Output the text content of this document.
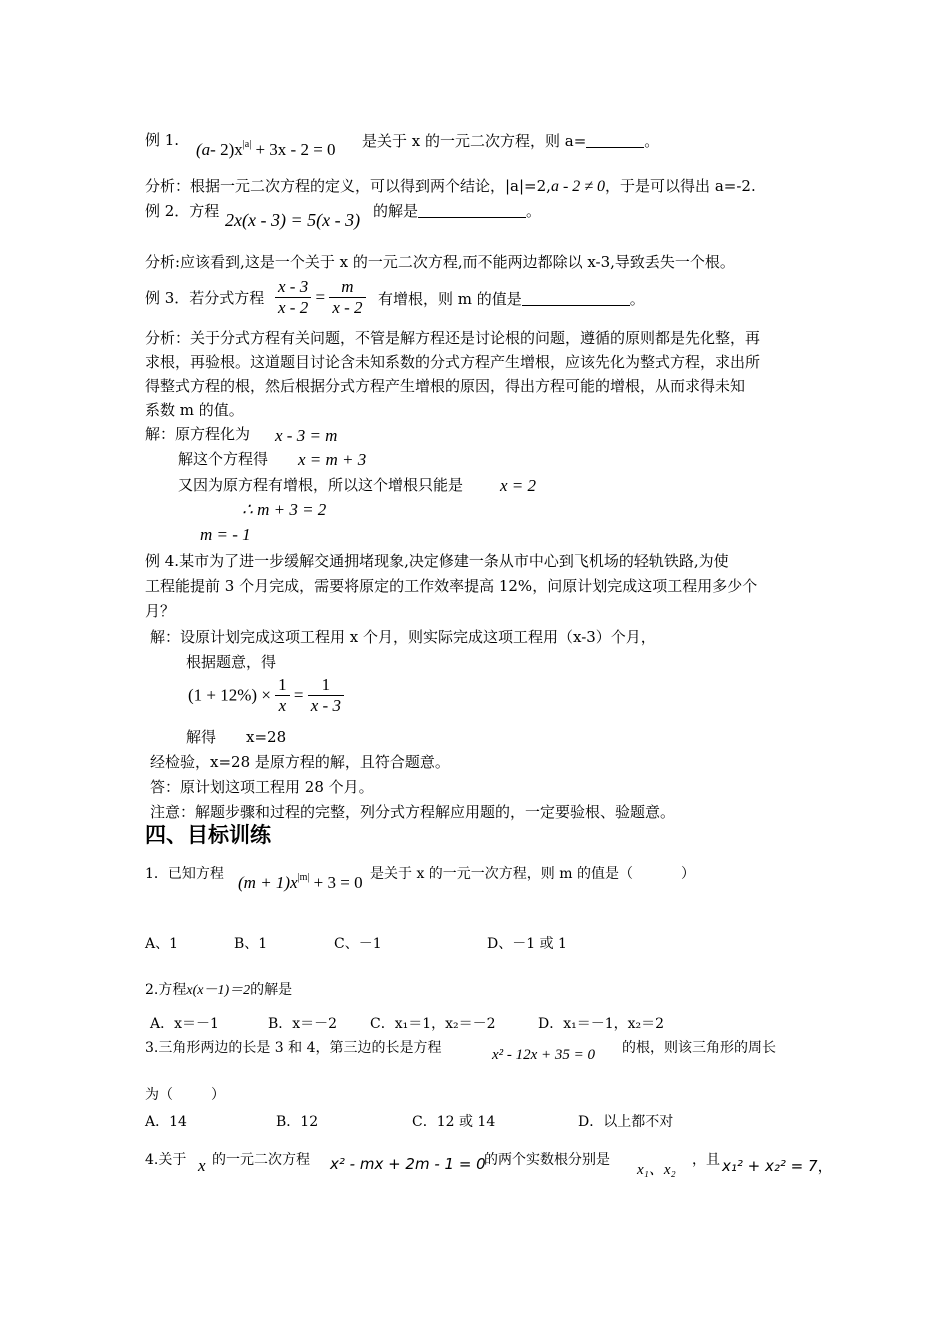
例 1. (a- $2)x^{|a|} + 3x - 2 = 0$ 是关于 x 的一元二次方程，则 a=	。
分析：根据一元二次方程的定义，可以得到两个结论，|a|=2,a - 2 ≠ 0，于是可以得出 a=-2.
例 2．方程 2x(x - 3) = 5(x - 3) 的解是	。
分析:应该看到,这是一个关于 x 的一元二次方程,而不能两边都除以 x-3,导致丢失一个根。
例 3．若分式方程 $\frac{x - 3}{x - 2} = \frac{m}{x - 2}$ 有增根，则 m 的值是	。
分析：关于分式方程有关问题，不管是解方程还是讨论根的问题，遵循的原则都是先化整，再
求根，再验根。这道题目讨论含未知系数的分式方程产生增根，应该先化为整式方程，求出所
得整式方程的根，然后根据分式方程产生增根的原因，得出方程可能的增根，从而求得未知
系数 m 的值。
解：原方程化为 x - 3 = m
解这个方程得 x = m + 3
又因为原方程有增根，所以这个增根只能是 x = 2
∴ m + 3 = 2
m = - 1
例 4.某市为了进一步缓解交通拥堵现象,决定修建一条从市中心到飞机场的轻轨铁路,为使
工程能提前 3 个月完成，需要将原定的工作效率提高 12%，问原计划完成这项工程用多少个
月？
解：设原计划完成这项工程用 x 个月，则实际完成这项工程用（x-3）个月，
根据题意，得
$(1 + 12\%) \times \frac{1}{x} = \frac{1}{x - 3}$
解得 x=28
经检验，x=28 是原方程的解，且符合题意。
答：原计划这项工程用 28 个月。
注意：解题步骤和过程的完整，列分式方程解应用题的，一定要验根、验题意。
四、目标训练
1．已知方程 $(m + 1)x^{|m|} + 3 = 0$ 是关于 x 的一元一次方程，则 m 的值是（	）
A、1	B、1	C、－1	D、－1 或 1
2.方程x(x－1)＝2的解是
A．x＝－1	B．x＝－2 C．x₁＝1，x₂＝－2	D．x₁＝－1，x₂＝2
3.三角形两边的长是 3 和 4，第三边的长是方程	x² - 12x + 35 = 0 的根，则该三角形的周长
为（	）
A．14	B．12	C．12 或 14	D．以上都不对
4.关于 x 的一元二次方程 x² - mx + 2m - 1 = 0
的两个实数根分别是
x₁、x₂
，且 x₁² + x₂² = 7，
